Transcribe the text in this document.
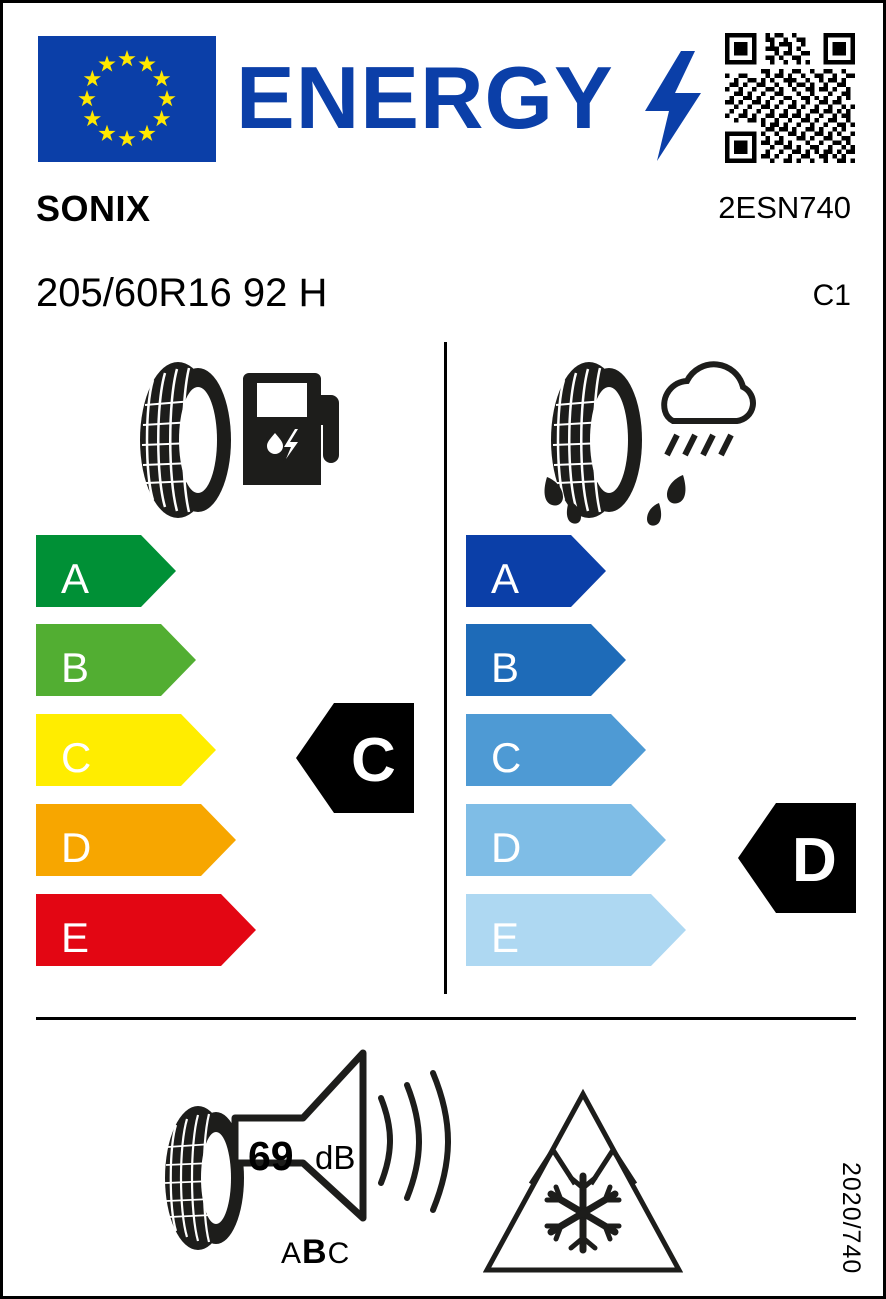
ENERGY
SONIX	2ESN740
205/60R16 92 H	C1
A
B
C
D
E
C
A
B
C
D
E
D
69 dB
ABC	2020/740
